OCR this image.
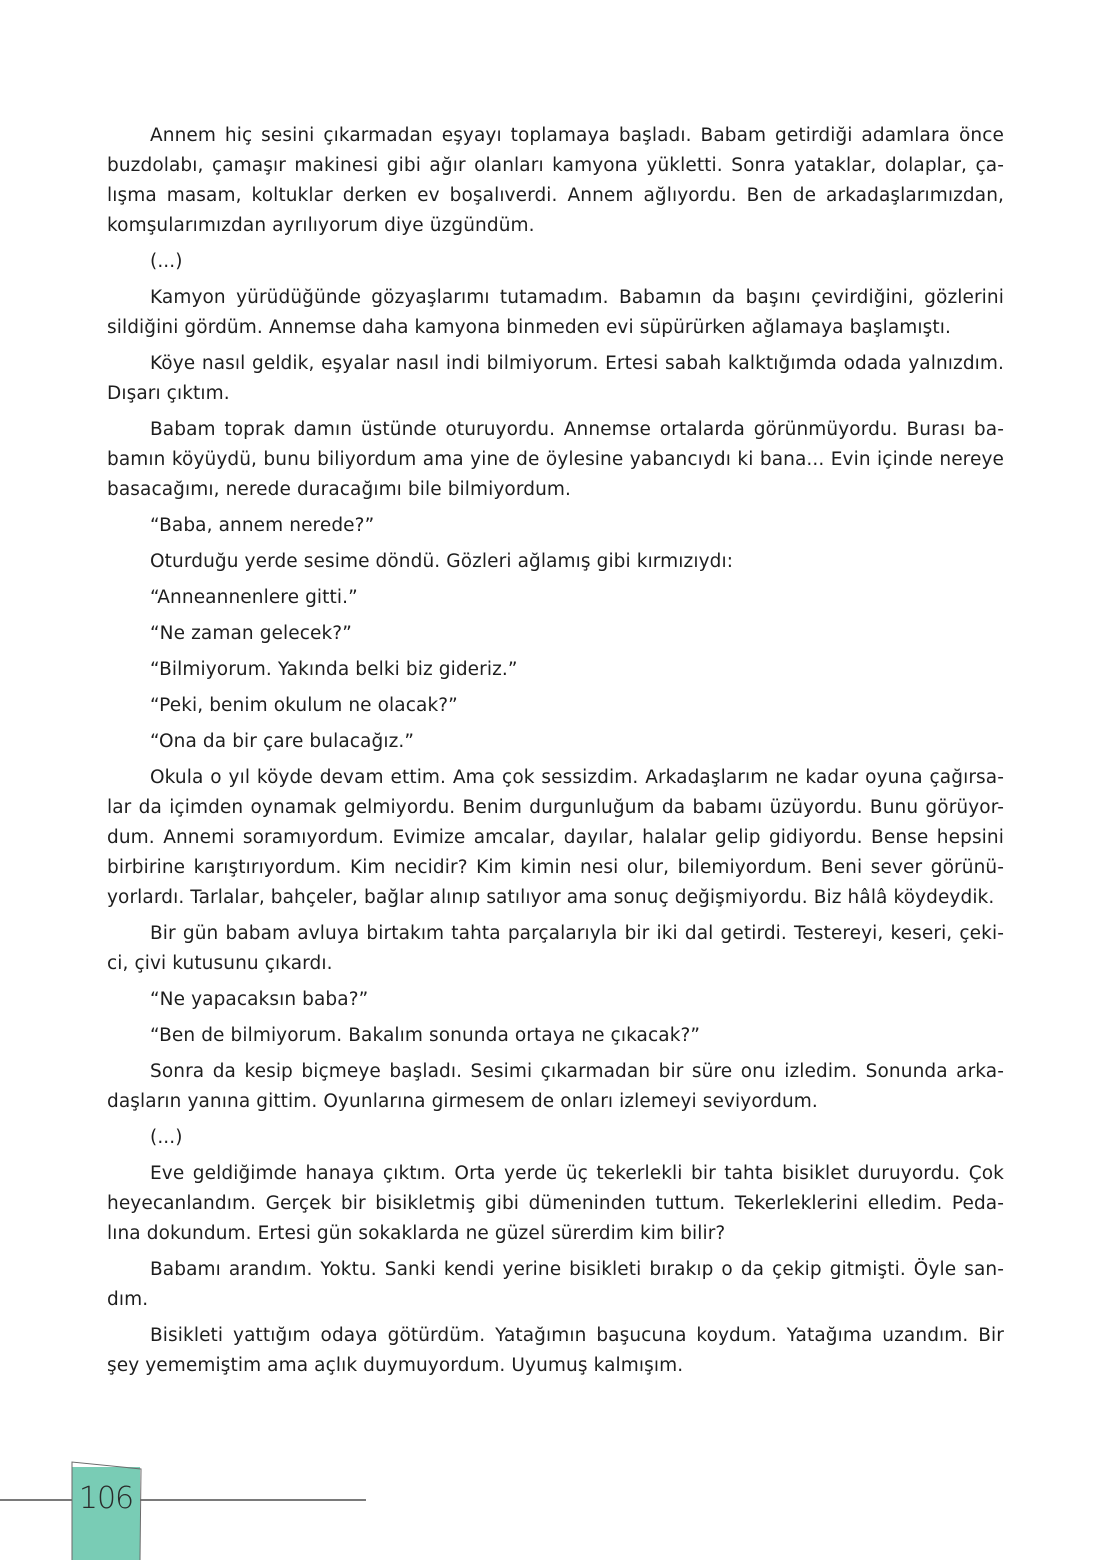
Annem hiç sesini çıkarmadan eşyayı toplamaya başladı. Babam getirdiği adamlara önce
buzdolabı, çamaşır makinesi gibi ağır olanları kamyona yükletti. Sonra yataklar, dolaplar, ça-
lışma masam, koltuklar derken ev boşalıverdi. Annem ağlıyordu. Ben de arkadaşlarımızdan,
komşularımızdan ayrılıyorum diye üzgündüm.
(...)
Kamyon yürüdüğünde gözyaşlarımı tutamadım. Babamın da başını çevirdiğini, gözlerini
sildiğini gördüm. Annemse daha kamyona binmeden evi süpürürken ağlamaya başlamıştı.
Köye nasıl geldik, eşyalar nasıl indi bilmiyorum. Ertesi sabah kalktığımda odada yalnızdım.
Dışarı çıktım.
Babam toprak damın üstünde oturuyordu. Annemse ortalarda görünmüyordu. Burası ba-
bamın köyüydü, bunu biliyordum ama yine de öylesine yabancıydı ki bana... Evin içinde nereye
basacağımı, nerede duracağımı bile bilmiyordum.
“Baba, annem nerede?”
Oturduğu yerde sesime döndü. Gözleri ağlamış gibi kırmızıydı:
“Anneannenlere gitti.”
“Ne zaman gelecek?”
“Bilmiyorum. Yakında belki biz gideriz.”
“Peki, benim okulum ne olacak?”
“Ona da bir çare bulacağız.”
Okula o yıl köyde devam ettim. Ama çok sessizdim. Arkadaşlarım ne kadar oyuna çağırsa-
lar da içimden oynamak gelmiyordu. Benim durgunluğum da babamı üzüyordu. Bunu görüyor-
dum. Annemi soramıyordum. Evimize amcalar, dayılar, halalar gelip gidiyordu. Bense hepsini
birbirine karıştırıyordum. Kim necidir? Kim kimin nesi olur, bilemiyordum. Beni sever görünü-
yorlardı. Tarlalar, bahçeler, bağlar alınıp satılıyor ama sonuç değişmiyordu. Biz hâlâ köydeydik.
Bir gün babam avluya birtakım tahta parçalarıyla bir iki dal getirdi. Testereyi, keseri, çeki-
ci, çivi kutusunu çıkardı.
“Ne yapacaksın baba?”
“Ben de bilmiyorum. Bakalım sonunda ortaya ne çıkacak?”
Sonra da kesip biçmeye başladı. Sesimi çıkarmadan bir süre onu izledim. Sonunda arka-
daşların yanına gittim. Oyunlarına girmesem de onları izlemeyi seviyordum.
(...)
Eve geldiğimde hanaya çıktım. Orta yerde üç tekerlekli bir tahta bisiklet duruyordu. Çok
heyecanlandım. Gerçek bir bisikletmiş gibi dümeninden tuttum. Tekerleklerini elledim. Peda-
lına dokundum. Ertesi gün sokaklarda ne güzel sürerdim kim bilir?
Babamı arandım. Yoktu. Sanki kendi yerine bisikleti bırakıp o da çekip gitmişti. Öyle san-
dım.
Bisikleti yattığım odaya götürdüm. Yatağımın başucuna koydum. Yatağıma uzandım. Bir
şey yememiştim ama açlık duymuyordum. Uyumuş kalmışım.
106
